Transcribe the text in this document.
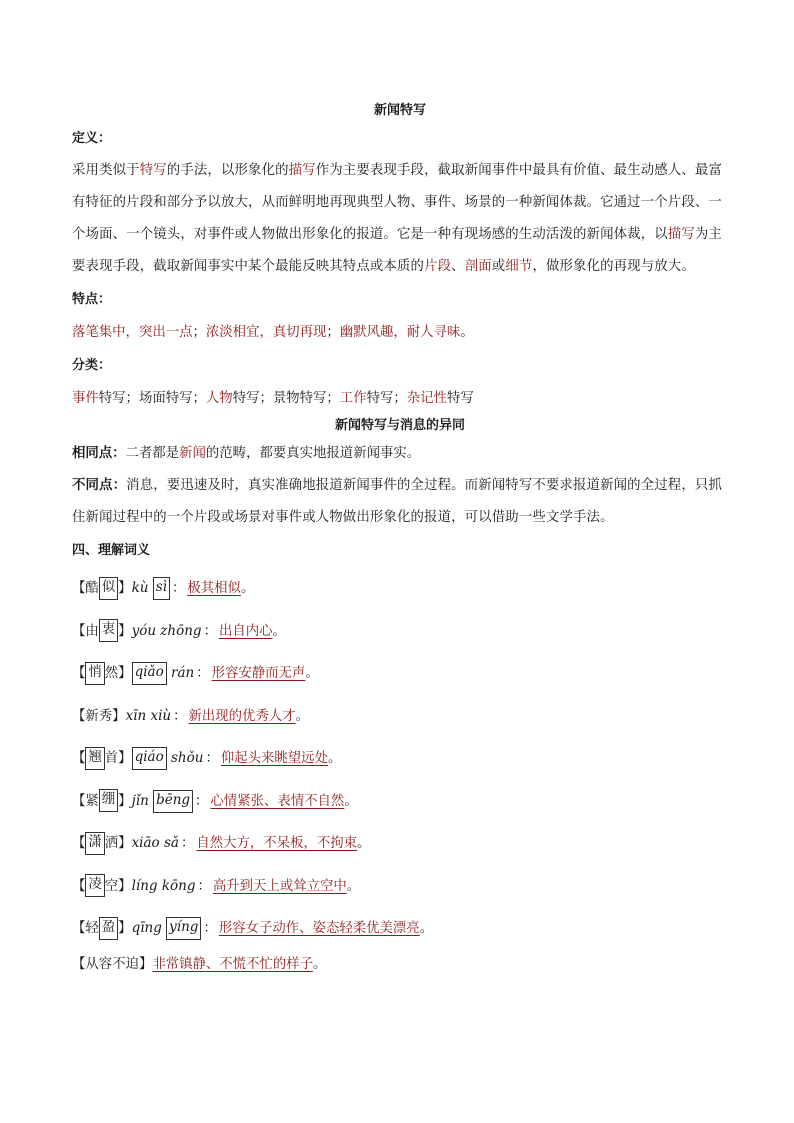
新闻特写
定义：
采用类似于特写的手法，以形象化的描写作为主要表现手段，截取新闻事件中最具有价值、最生动感人、最富有特征的片段和部分予以放大，从而鲜明地再现典型人物、事件、场景的一种新闻体裁。它通过一个片段、一个场面、一个镜头，对事件或人物做出形象化的报道。它是一种有现场感的生动活泼的新闻体裁，以描写为主要表现手段，截取新闻事实中某个最能反映其特点或本质的片段、剖面或细节，做形象化的再现与放大。
特点：
落笔集中，突出一点；浓淡相宜，真切再现；幽默风趣，耐人寻味。
分类：
事件特写；场面特写；人物特写；景物特写；工作特写；杂记性特写
新闻特写与消息的异同
相同点：二者都是新闻的范畴，都要真实地报道新闻事实。
不同点：消息，要迅速及时，真实准确地报道新闻事件的全过程。而新闻特写不要求报道新闻的全过程，只抓住新闻过程中的一个片段或场景对事件或人物做出形象化的报道，可以借助一些文学手法。
四、理解词义
【酷 似 】kù sì ： 极其相似。
【由 衷 】yóu zhōng ： 出自内心。
【 悄 然】 qiǎo rán ： 形容安静而无声。
【新秀】xīn xiù ： 新出现的优秀人才。
【 翘 首】 qiáo shǒu ： 仰起头来眺望远处。
【紧 绷 】jǐn bēng ： 心情紧张、表情不自然。
【 潇 洒】xiāo sǎ ： 自然大方，不呆板，不拘束。
【 凌 空】líng kōng ： 高升到天上或耸立空中。
【轻 盈 】qīng yíng ： 形容女子动作、姿态轻柔优美漂亮。
【从容不迫】非常镇静、不慌不忙的样子。
